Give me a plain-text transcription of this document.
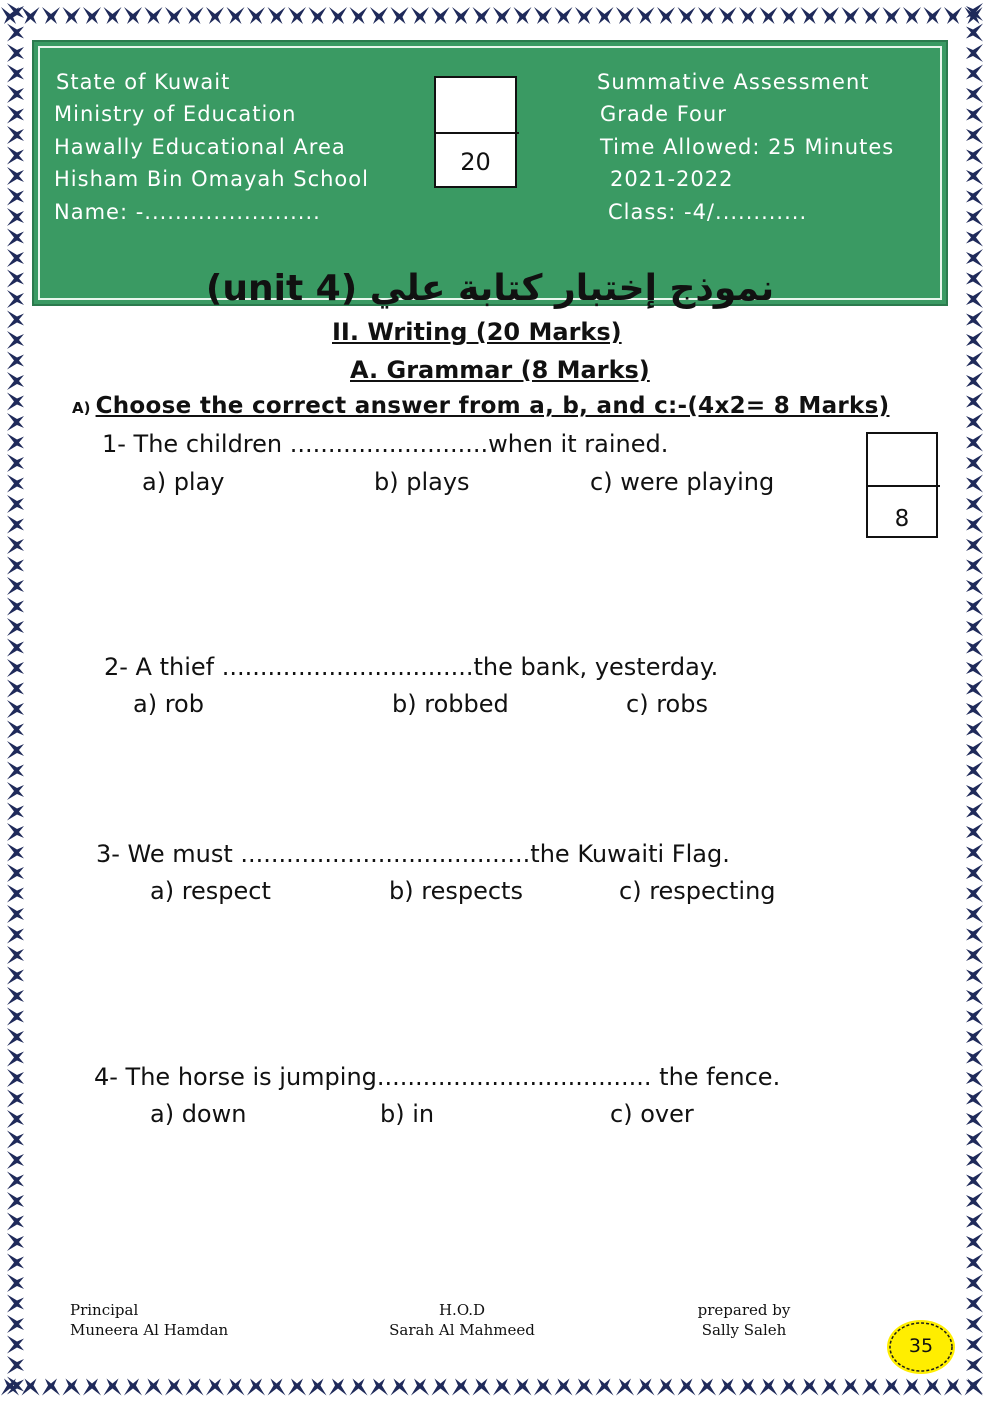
State of Kuwait
Ministry of Education
Hawally Educational Area
Hisham Bin Omayah School
Name: -.......................
Summative Assessment
Grade Four
Time Allowed: 25 Minutes
2021-2022
Class: -4/............
20
نموذج إختبار كتابة علي (unit 4)
II. Writing (20 Marks)
A. Grammar (8 Marks)
A) Choose the correct answer from a, b, and c:-(4x2= 8 Marks)
8
1- The children ..........................when it rained.
a) play	b) plays	c) were playing
2- A thief .................................the bank, yesterday.
a) rob	b) robbed	c) robs
3- We must ......................................the Kuwaiti Flag.
a) respect	b) respects	c) respecting
4- The horse is jumping.................................... the fence.
a) down	b) in	c) over
Principal
Muneera Al Hamdan
H.O.D
Sarah Al Mahmeed
prepared by
Sally Saleh
35
